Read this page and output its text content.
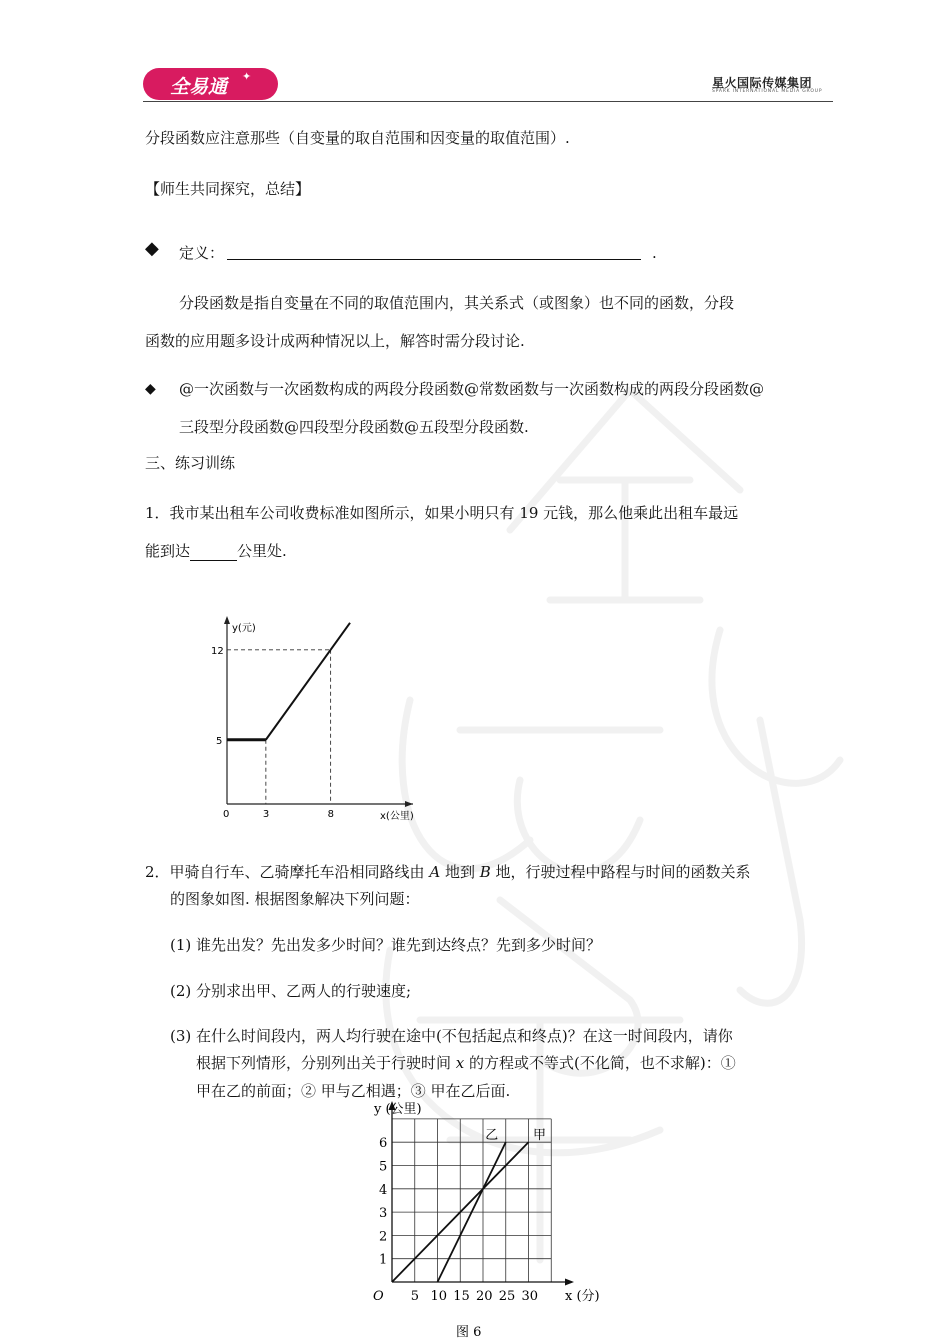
全易通 ✦	星火国际传媒集团
SPARK INTERNATIONAL MEDIA GROUP
分段函数应注意那些（自变量的取自范围和因变量的取值范围）.
【师生共同探究，总结】
◆ 定义：	.
分段函数是指自变量在不同的取值范围内，其关系式（或图象）也不同的函数，分段
函数的应用题多设计成两种情况以上，解答时需分段讨论.
◆ @一次函数与一次函数构成的两段分段函数@常数函数与一次函数构成的两段分段函数@
三段型分段函数@四段型分段函数@五段型分段函数.
三、练习训练
1．我市某出租车公司收费标准如图所示，如果小明只有 19 元钱，那么他乘此出租车最远
能到达	公里处.
0	3	8
5
12
x(公里)
y(元)
2．甲骑自行车、乙骑摩托车沿相同路线由 A 地到 B 地，行驶过程中路程与时间的函数关系
的图象如图. 根据图象解决下列问题：
(1) 谁先出发？先出发多少时间？谁先到达终点？先到多少时间？
(2) 分别求出甲、乙两人的行驶速度;
(3) 在什么时间段内，两人均行驶在途中(不包括起点和终点)？在这一时间段内，请你
根据下列情形，分别列出关于行驶时间 x 的方程或不等式(不化简，也不求解)：①
甲在乙的前面；② 甲与乙相遇；③ 甲在乙后面.
甲
乙
5 10 15 20 25 30
1
2
3
4
5
6
O	x (分)
y (公里)
图 6
